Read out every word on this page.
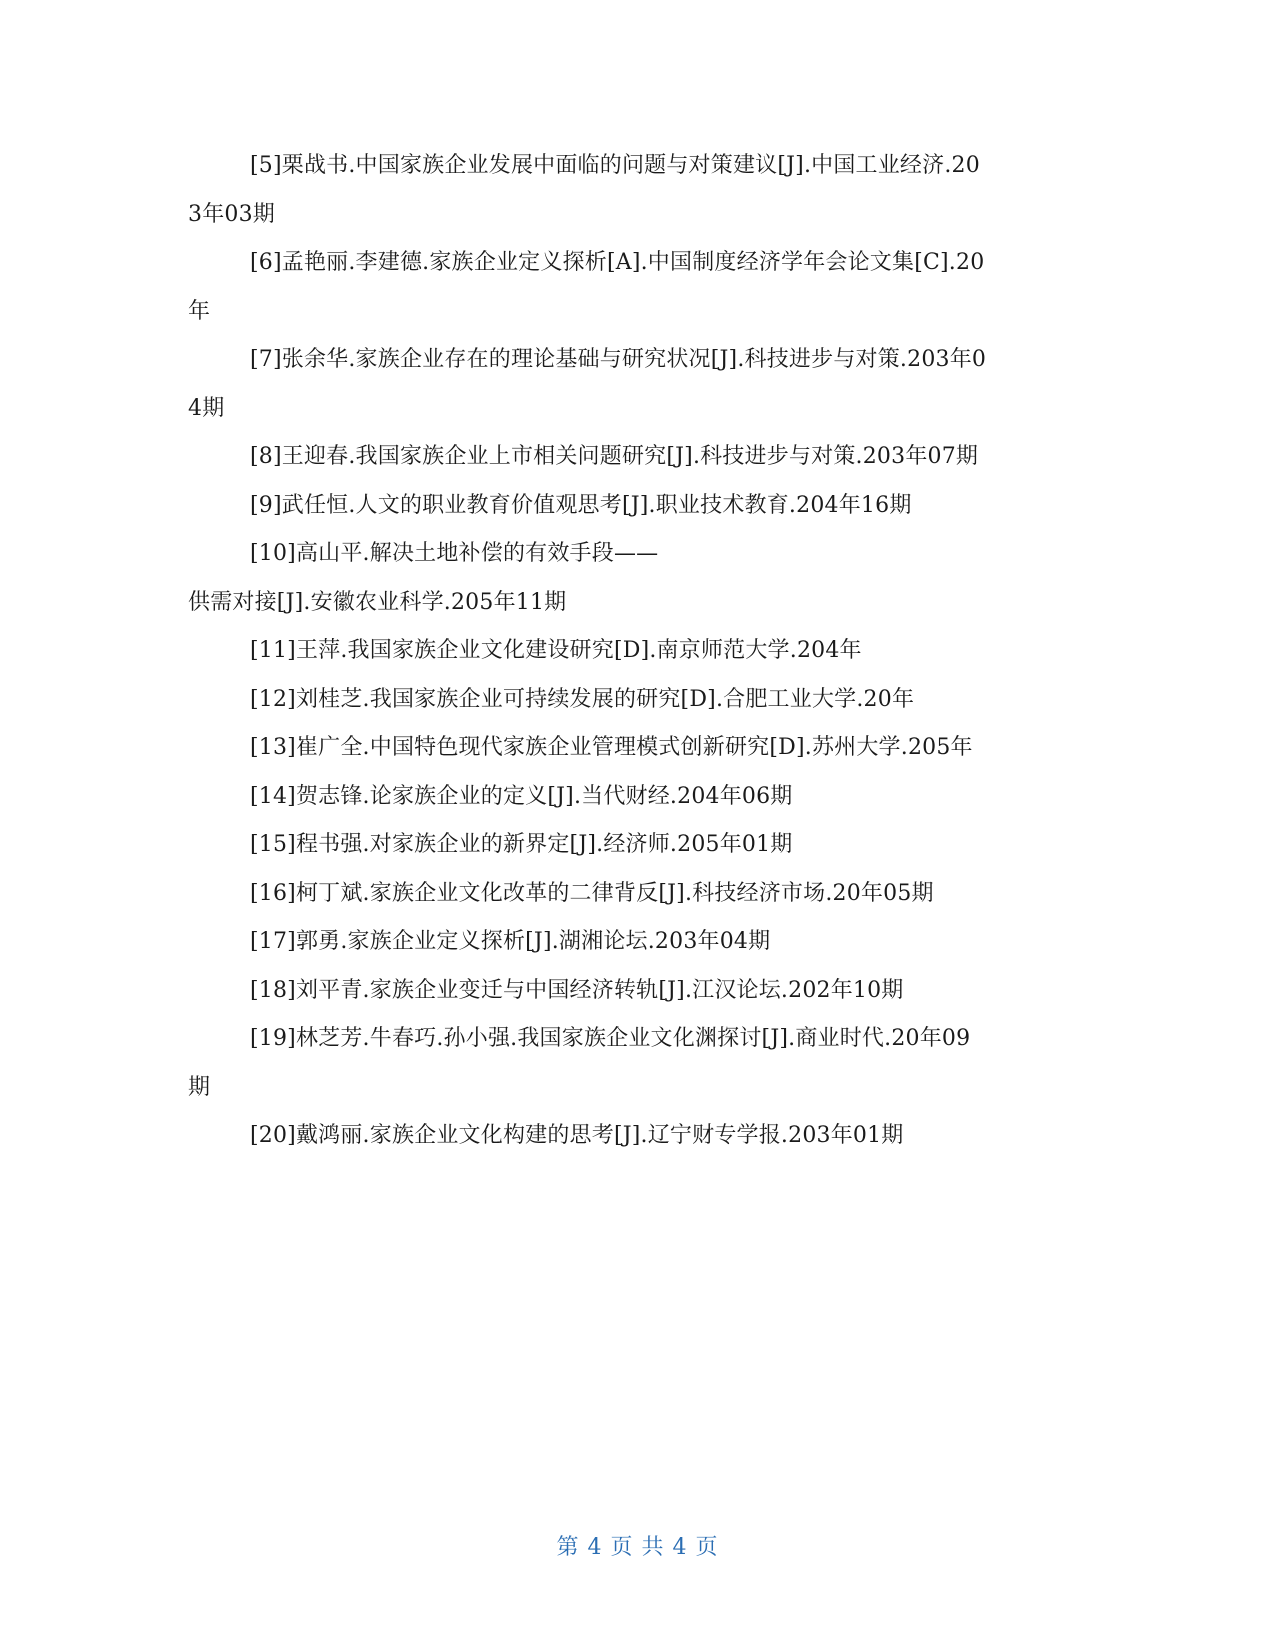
[5]栗战书.中国家族企业发展中面临的问题与对策建议[J].中国工业经济.20
3年03期
[6]孟艳丽.李建德.家族企业定义探析[A].中国制度经济学年会论文集[C].20
年
[7]张余华.家族企业存在的理论基础与研究状况[J].科技进步与对策.203年0
4期
[8]王迎春.我国家族企业上市相关问题研究[J].科技进步与对策.203年07期
[9]武任恒.人文的职业教育价值观思考[J].职业技术教育.204年16期
[10]高山平.解决土地补偿的有效手段——
供需对接[J].安徽农业科学.205年11期
[11]王萍.我国家族企业文化建设研究[D].南京师范大学.204年
[12]刘桂芝.我国家族企业可持续发展的研究[D].合肥工业大学.20年
[13]崔广全.中国特色现代家族企业管理模式创新研究[D].苏州大学.205年
[14]贺志锋.论家族企业的定义[J].当代财经.204年06期
[15]程书强.对家族企业的新界定[J].经济师.205年01期
[16]柯丁斌.家族企业文化改革的二律背反[J].科技经济市场.20年05期
[17]郭勇.家族企业定义探析[J].湖湘论坛.203年04期
[18]刘平青.家族企业变迁与中国经济转轨[J].江汉论坛.202年10期
[19]林芝芳.牛春巧.孙小强.我国家族企业文化渊探讨[J].商业时代.20年09
期
[20]戴鸿丽.家族企业文化构建的思考[J].辽宁财专学报.203年01期
第 4 页 共 4 页
